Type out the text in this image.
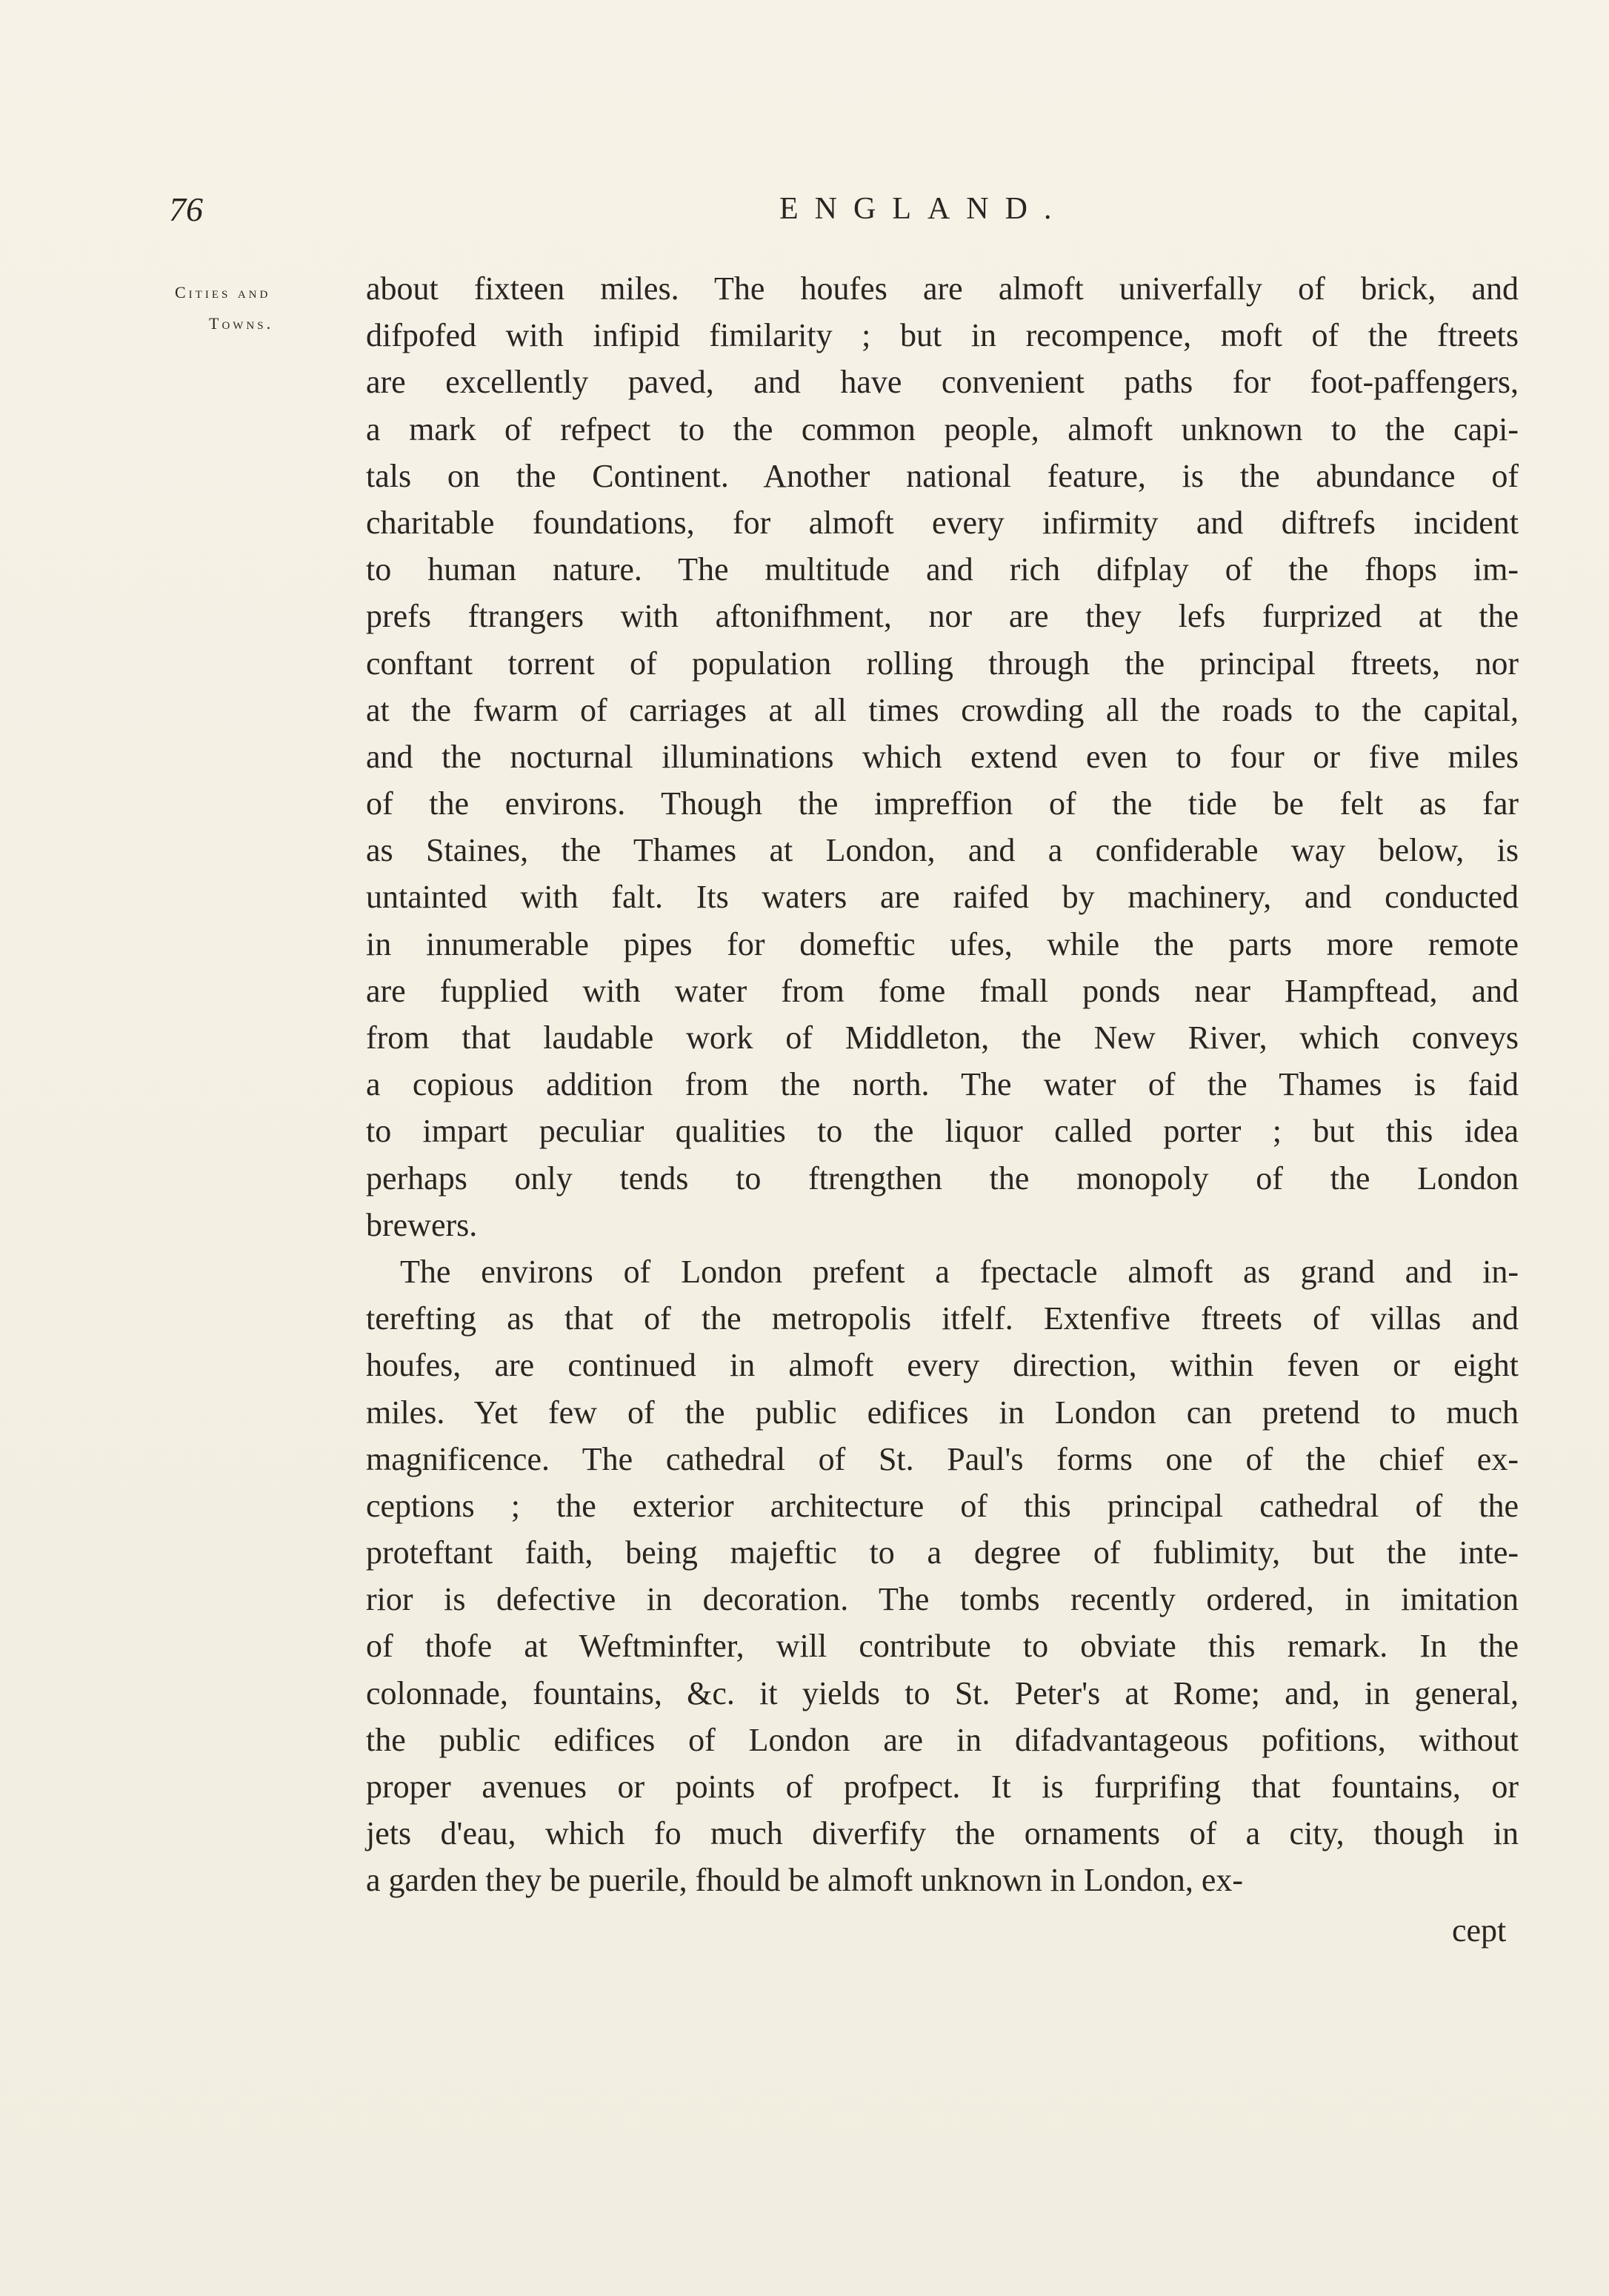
76	ENGLAND.
Cities and
Towns.
about fixteen miles. The houfes are almoft univerfally of brick, and
difpofed with infipid fimilarity ; but in recompence, moft of the ftreets
are excellently paved, and have convenient paths for foot-paffengers,
a mark of refpect to the common people, almoft unknown to the capi-
tals on the Continent. Another national feature, is the abundance of
charitable foundations, for almoft every infirmity and diftrefs incident
to human nature. The multitude and rich difplay of the fhops im-
prefs ftrangers with aftonifhment, nor are they lefs furprized at the
conftant torrent of population rolling through the principal ftreets, nor
at the fwarm of carriages at all times crowding all the roads to the capital,
and the nocturnal illuminations which extend even to four or five miles
of the environs. Though the impreffion of the tide be felt as far
as Staines, the Thames at London, and a confiderable way below, is
untainted with falt. Its waters are raifed by machinery, and conducted
in innumerable pipes for domeftic ufes, while the parts more remote
are fupplied with water from fome fmall ponds near Hampftead, and
from that laudable work of Middleton, the New River, which conveys
a copious addition from the north. The water of the Thames is faid
to impart peculiar qualities to the liquor called porter ; but this idea
perhaps only tends to ftrengthen the monopoly of the London
brewers.
The environs of London prefent a fpectacle almoft as grand and in-
terefting as that of the metropolis itfelf. Extenfive ftreets of villas and
houfes, are continued in almoft every direction, within feven or eight
miles. Yet few of the public edifices in London can pretend to much
magnificence. The cathedral of St. Paul's forms one of the chief ex-
ceptions ; the exterior architecture of this principal cathedral of the
proteftant faith, being majeftic to a degree of fublimity, but the inte-
rior is defective in decoration. The tombs recently ordered, in imitation
of thofe at Weftminfter, will contribute to obviate this remark. In the
colonnade, fountains, &c. it yields to St. Peter's at Rome; and, in general,
the public edifices of London are in difadvantageous pofitions, without
proper avenues or points of profpect. It is furprifing that fountains, or
jets d'eau, which fo much diverfify the ornaments of a city, though in
a garden they be puerile, fhould be almoft unknown in London, ex-
cept
